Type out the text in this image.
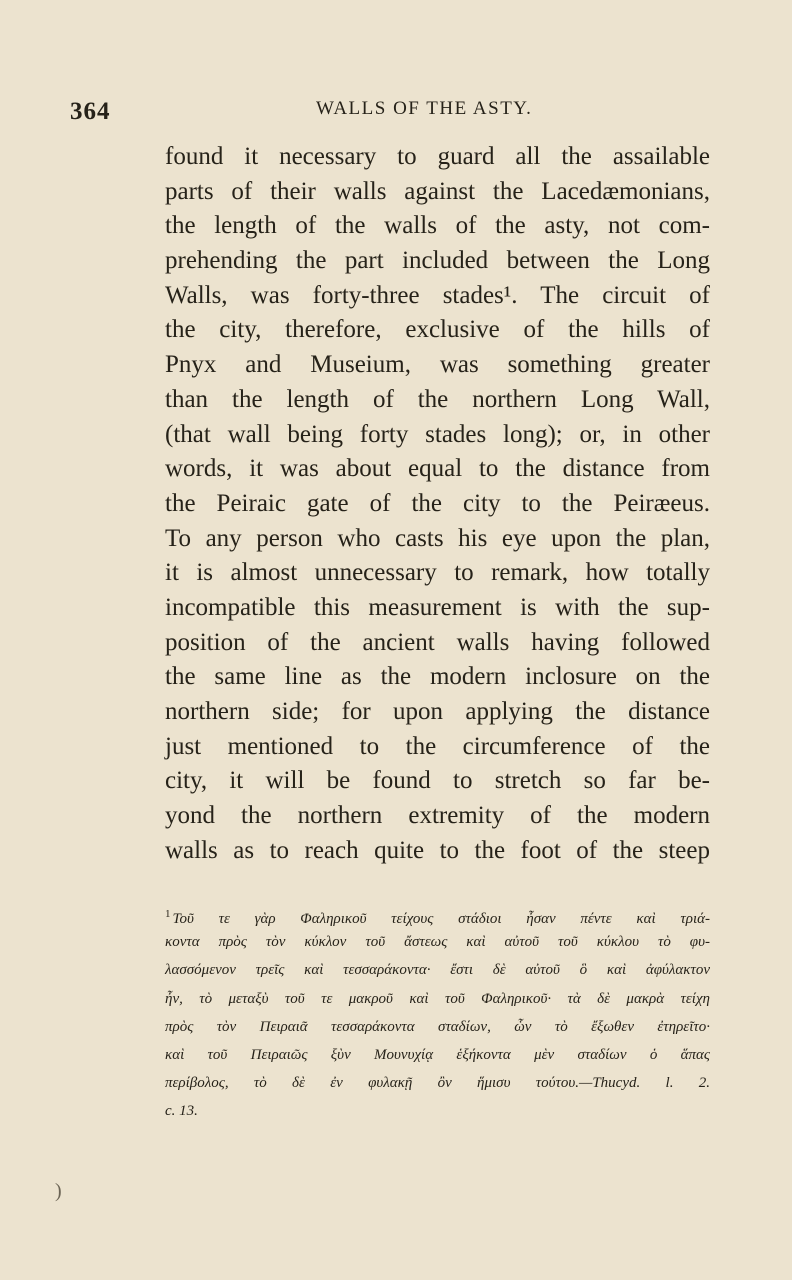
364	WALLS OF THE ASTY.
found it necessary to guard all the assailable
parts of their walls against the Lacedæmonians,
the length of the walls of the asty, not com-
prehending the part included between the Long
Walls, was forty-three stades¹. The circuit of
the city, therefore, exclusive of the hills of
Pnyx and Museium, was something greater
than the length of the northern Long Wall,
(that wall being forty stades long); or, in other
words, it was about equal to the distance from
the Peiraic gate of the city to the Peiræeus.
To any person who casts his eye upon the plan,
it is almost unnecessary to remark, how totally
incompatible this measurement is with the sup-
position of the ancient walls having followed
the same line as the modern inclosure on the
northern side; for upon applying the distance
just mentioned to the circumference of the
city, it will be found to stretch so far be-
yond the northern extremity of the modern
walls as to reach quite to the foot of the steep
$^1$ Τοῦ τε γὰρ Φαληρικοῦ τείχους στάδιοι ἦσαν πέντε καὶ τριά-
κοντα πρὸς τὸν κύκλον τοῦ ἄστεως καὶ αὐτοῦ τοῦ κύκλου τὸ φυ-
λασσόμενον τρεῖς καὶ τεσσαράκοντα· ἔστι δὲ αὐτοῦ ὃ καὶ ἀφύλακτον
ἦν, τὸ μεταξὺ τοῦ τε μακροῦ καὶ τοῦ Φαληρικοῦ· τὰ δὲ μακρὰ τείχη
πρὸς τὸν Πειραιᾶ τεσσαράκοντα σταδίων, ὧν τὸ ἔξωθεν ἐτηρεῖτο·
καὶ τοῦ Πειραιῶς ξὺν Μουνυχίᾳ ἑξήκοντα μὲν σταδίων ὁ ἅπας
περίβολος, τὸ δὲ ἐν φυλακῇ ὂν ἥμισυ τούτου.—Thucyd. l. 2.
c. 13.
)
